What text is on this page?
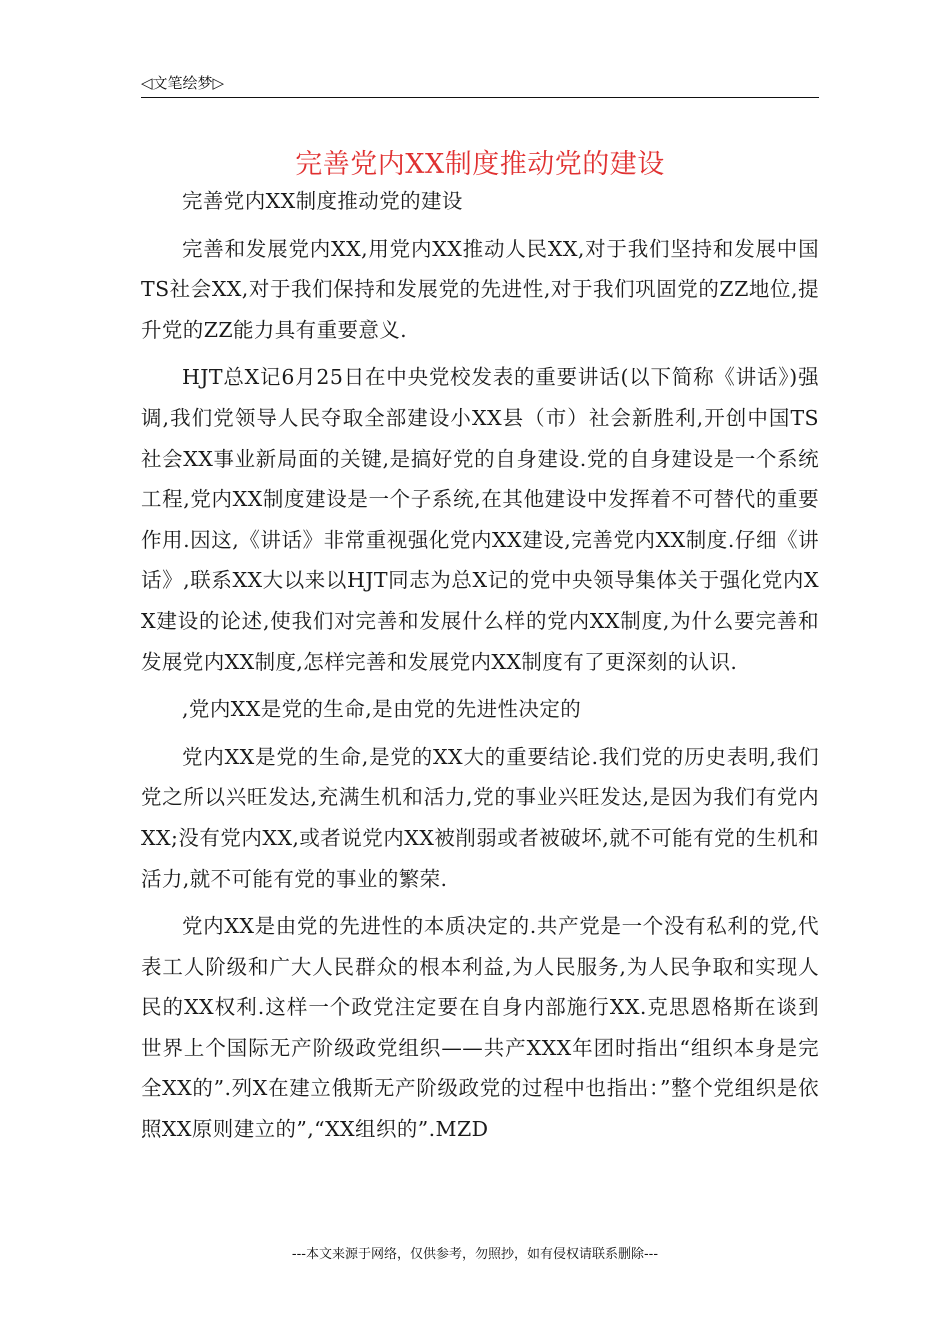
◁文笔绘梦▷
完善党内XX制度推动党的建设

完善党内XX制度推动党的建设

完善和发展党内XX,用党内XX推动人民XX,对于我们坚持和发展中国TS社会XX,对于我们保持和发展党的先进性,对于我们巩固党的ZZ地位,提升党的ZZ能力具有重要意义.

HJT总X记6月25日在中央党校发表的重要讲话(以下简称《讲话》)强调,我们党领导人民夺取全部建设小XX县（市）社会新胜利,开创中国TS社会XX事业新局面的关键,是搞好党的自身建设.党的自身建设是一个系统工程,党内XX制度建设是一个子系统,在其他建设中发挥着不可替代的重要作用.因这,《讲话》非常重视强化党内XX建设,完善党内XX制度.仔细《讲话》,联系XX大以来以HJT同志为总X记的党中央领导集体关于强化党内XX建设的论述,使我们对完善和发展什么样的党内XX制度,为什么要完善和发展党内XX制度,怎样完善和发展党内XX制度有了更深刻的认识.

,党内XX是党的生命,是由党的先进性决定的

党内XX是党的生命,是党的XX大的重要结论.我们党的历史表明,我们党之所以兴旺发达,充满生机和活力,党的事业兴旺发达,是因为我们有党内XX;没有党内XX,或者说党内XX被削弱或者被破坏,就不可能有党的生机和活力,就不可能有党的事业的繁荣.

党内XX是由党的先进性的本质决定的.共产党是一个没有私利的党,代表工人阶级和广大人民群众的根本利益,为人民服务,为人民争取和实现人民的XX权利.这样一个政党注定要在自身内部施行XX.克思恩格斯在谈到世界上个国际无产阶级政党组织——共产XXX年团时指出“组织本身是完全XX的”.列X在建立俄斯无产阶级政党的过程中也指出：”整个党组织是依照XX原则建立的”,“XX组织的”.MZD

---本文来源于网络，仅供参考，勿照抄，如有侵权请联系删除---
